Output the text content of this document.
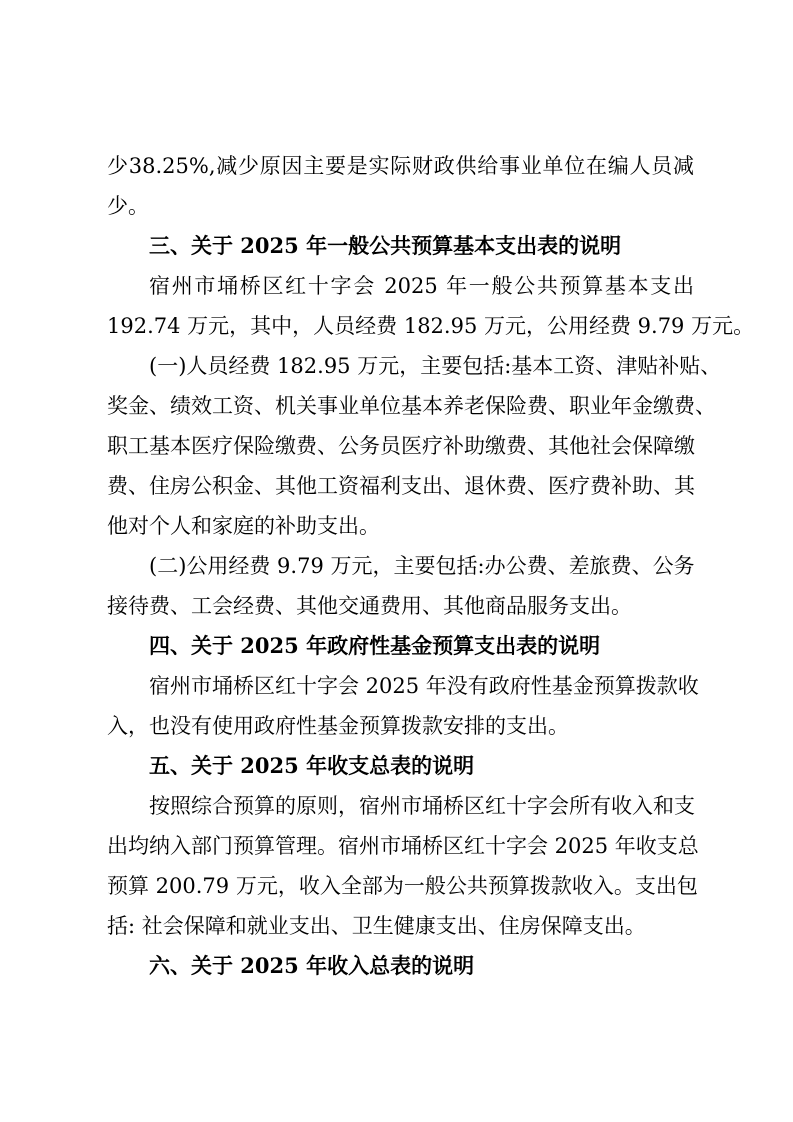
少38.25%,减少原因主要是实际财政供给事业单位在编人员减
少。
三、关于 2025 年一般公共预算基本支出表的说明
宿州市埇桥区红十字会 2025 年一般公共预算基本支出
192.74 万元，其中，人员经费 182.95 万元，公用经费 9.79 万元。
(一)人员经费 182.95 万元，主要包括:基本工资、津贴补贴、
奖金、绩效工资、机关事业单位基本养老保险费、职业年金缴费、
职工基本医疗保险缴费、公务员医疗补助缴费、其他社会保障缴
费、住房公积金、其他工资福利支出、退休费、医疗费补助、其
他对个人和家庭的补助支出。
(二)公用经费 9.79 万元，主要包括:办公费、差旅费、公务
接待费、工会经费、其他交通费用、其他商品服务支出。
四、关于 2025 年政府性基金预算支出表的说明
宿州市埇桥区红十字会 2025 年没有政府性基金预算拨款收
入，也没有使用政府性基金预算拨款安排的支出。
五、关于 2025 年收支总表的说明
按照综合预算的原则，宿州市埇桥区红十字会所有收入和支
出均纳入部门预算管理。宿州市埇桥区红十字会 2025 年收支总
预算 200.79 万元，收入全部为一般公共预算拨款收入。支出包
括: 社会保障和就业支出、卫生健康支出、住房保障支出。
六、关于 2025 年收入总表的说明
